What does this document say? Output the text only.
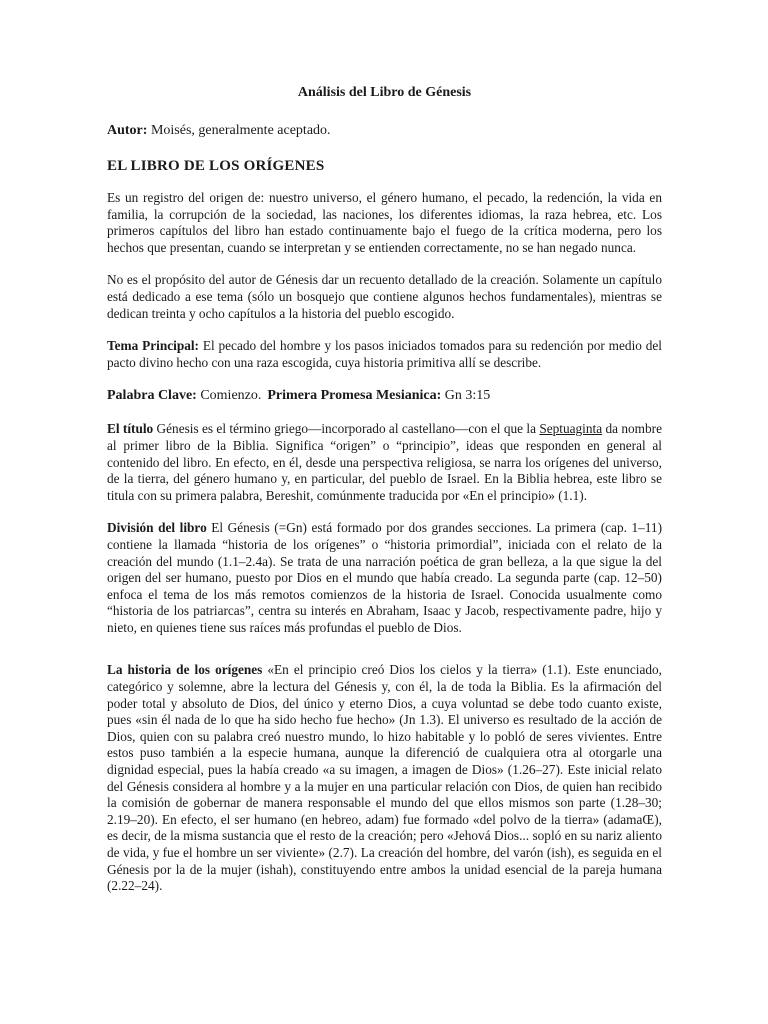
Análisis del Libro de Génesis
Autor: Moisés, generalmente aceptado.
EL LIBRO DE LOS ORÍGENES

Es un registro del origen de: nuestro universo, el género humano, el pecado, la redención, la vida en familia, la corrupción de la sociedad, las naciones, los diferentes idiomas, la raza hebrea, etc. Los primeros capítulos del libro han estado continuamente bajo el fuego de la crítica moderna, pero los hechos que presentan, cuando se interpretan y se entienden correctamente, no se han negado nunca.

No es el propósito del autor de Génesis dar un recuento detallado de la creación. Solamente un capítulo está dedicado a ese tema (sólo un bosquejo que contiene algunos hechos fundamentales), mientras se dedican treinta y ocho capítulos a la historia del pueblo escogido.

Tema Principal: El pecado del hombre y los pasos iniciados tomados para su redención por medio del pacto divino hecho con una raza escogida, cuya historia primitiva allí se describe.

Palabra Clave: Comienzo. Primera Promesa Mesianica: Gn 3:15

El título Génesis es el término griego—incorporado al castellano—con el que la Septuaginta da nombre al primer libro de la Biblia. Significa “origen” o “principio”, ideas que responden en general al contenido del libro. En efecto, en él, desde una perspectiva religiosa, se narra los orígenes del universo, de la tierra, del género humano y, en particular, del pueblo de Israel. En la Biblia hebrea, este libro se titula con su primera palabra, Bereshit, comúnmente traducida por «En el principio» (1.1).

División del libro El Génesis (=Gn) está formado por dos grandes secciones. La primera (cap. 1–11) contiene la llamada “historia de los orígenes” o “historia primordial”, iniciada con el relato de la creación del mundo (1.1–2.4a). Se trata de una narración poética de gran belleza, a la que sigue la del origen del ser humano, puesto por Dios en el mundo que había creado. La segunda parte (cap. 12–50) enfoca el tema de los más remotos comienzos de la historia de Israel. Conocida usualmente como “historia de los patriarcas”, centra su interés en Abraham, Isaac y Jacob, respectivamente padre, hijo y nieto, en quienes tiene sus raíces más profundas el pueblo de Dios.

La historia de los orígenes «En el principio creó Dios los cielos y la tierra» (1.1). Este enunciado, categórico y solemne, abre la lectura del Génesis y, con él, la de toda la Biblia. Es la afirmación del poder total y absoluto de Dios, del único y eterno Dios, a cuya voluntad se debe todo cuanto existe, pues «sin él nada de lo que ha sido hecho fue hecho» (Jn 1.3). El universo es resultado de la acción de Dios, quien con su palabra creó nuestro mundo, lo hizo habitable y lo pobló de seres vivientes. Entre estos puso también a la especie humana, aunque la diferenció de cualquiera otra al otorgarle una dignidad especial, pues la había creado «a su imagen, a imagen de Dios» (1.26–27). Este inicial relato del Génesis considera al hombre y a la mujer en una particular relación con Dios, de quien han recibido la comisión de gobernar de manera responsable el mundo del que ellos mismos son parte (1.28–30; 2.19–20). En efecto, el ser humano (en hebreo, adam) fue formado «del polvo de la tierra» (adamaŒ), es decir, de la misma sustancia que el resto de la creación; pero «Jehová Dios... sopló en su nariz aliento de vida, y fue el hombre un ser viviente» (2.7). La creación del hombre, del varón (ish), es seguida en el Génesis por la de la mujer (ishah), constituyendo entre ambos la unidad esencial de la pareja humana (2.22–24).
